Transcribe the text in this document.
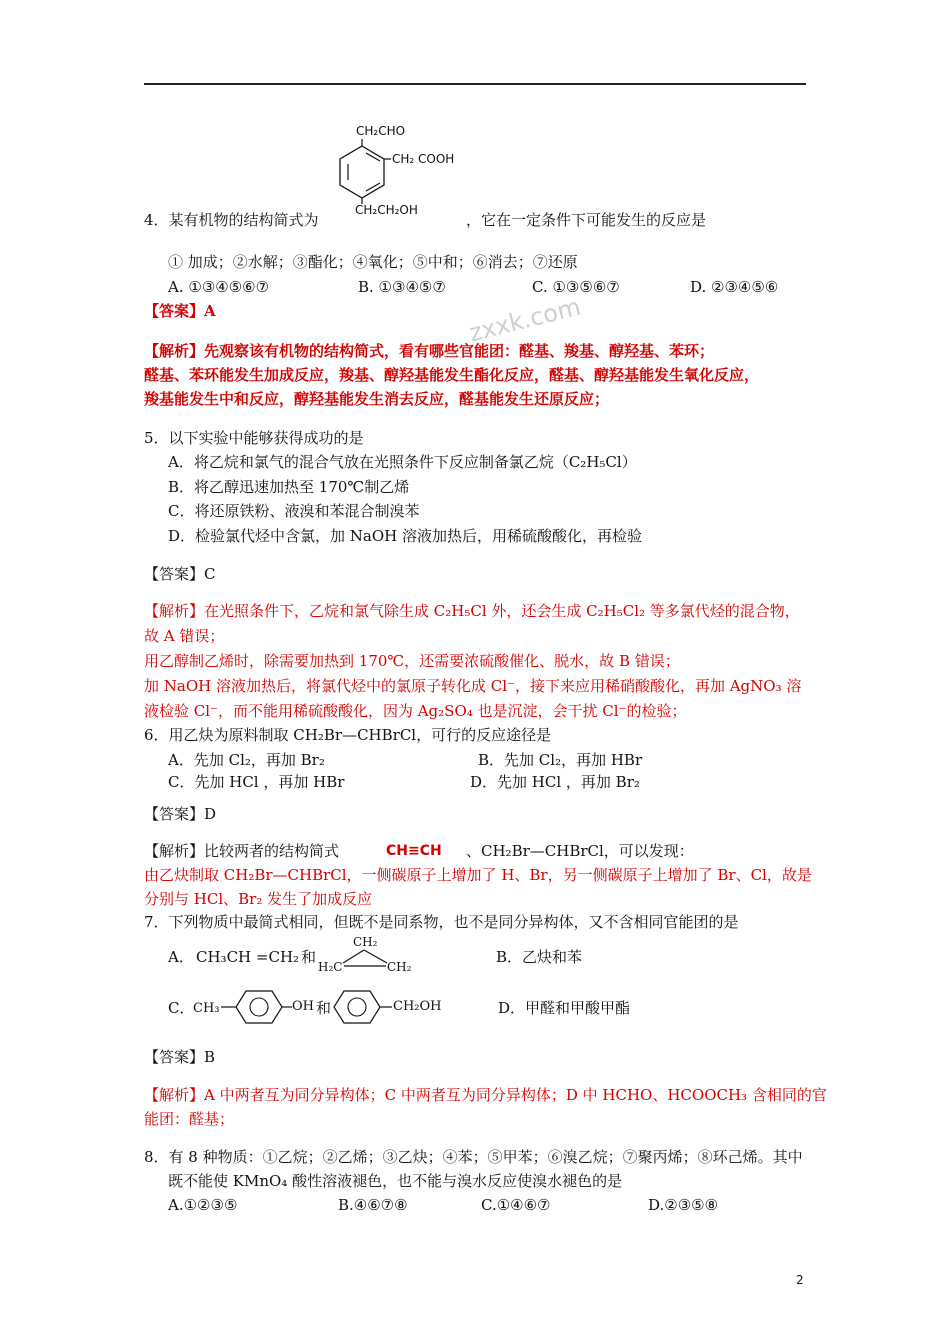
CH₂CHO
CH₂ COOH
CH₂CH₂OH
4．某有机物的结构简式为	，它在一定条件下可能发生的反应是
① 加成；②水解；③酯化；④氧化；⑤中和；⑥消去；⑦还原
A. ①③④⑤⑥⑦	B. ①③④⑤⑦	C. ①③⑤⑥⑦	D. ②③④⑤⑥
【答案】A	zxxk.com
【解析】先观察该有机物的结构简式，看有哪些官能团：醛基、羧基、醇羟基、苯环；
醛基、苯环能发生加成反应，羧基、醇羟基能发生酯化反应，醛基、醇羟基能发生氧化反应，
羧基能发生中和反应，醇羟基能发生消去反应，醛基能发生还原反应；
5．以下实验中能够获得成功的是
A．将乙烷和氯气的混合气放在光照条件下反应制备氯乙烷（C₂H₅Cl）
B．将乙醇迅速加热至 170℃制乙烯
C．将还原铁粉、液溴和苯混合制溴苯
D．检验氯代烃中含氯，加 NaOH 溶液加热后，用稀硫酸酸化，再检验
【答案】C
【解析】在光照条件下，乙烷和氯气除生成 C₂H₅Cl 外，还会生成 C₂H₅Cl₂ 等多氯代烃的混合物，
故 A 错误；
用乙醇制乙烯时，除需要加热到 170℃，还需要浓硫酸催化、脱水，故 B 错误；
加 NaOH 溶液加热后，将氯代烃中的氯原子转化成 Cl⁻，接下来应用稀硝酸酸化，再加 AgNO₃ 溶
液检验 Cl⁻，而不能用稀硫酸酸化，因为 Ag₂SO₄ 也是沉淀，会干扰 Cl⁻的检验；
6．用乙炔为原料制取 CH₂Br—CHBrCl，可行的反应途径是
A．先加 Cl₂，再加 Br₂	B．先加 Cl₂，再加 HBr
C．先加 HCl ，再加 HBr	D．先加 HCl ，再加 Br₂
【答案】D
【解析】比较两者的结构简式	CH≡CH 、CH₂Br—CHBrCl，可以发现：
由乙炔制取 CH₂Br—CHBrCl，一侧碳原子上增加了 H、Br，另一侧碳原子上增加了 Br、Cl，故是
分别与 HCl、Br₂ 发生了加成反应
7．下列物质中最简式相同，但既不是同系物，也不是同分异构体，又不含相同官能团的是
A． CH₃CH =CH₂ 和
CH₂
H₂C	CH₂
B．乙炔和苯
C．
CH₃	OH 和	CH₂OH	D．甲醛和甲酸甲酯
【答案】B
【解析】A 中两者互为同分异构体；C 中两者互为同分异构体；D 中 HCHO、HCOOCH₃ 含相同的官
能团：醛基；
8．有 8 种物质：①乙烷；②乙烯；③乙炔；④苯；⑤甲苯；⑥溴乙烷；⑦聚丙烯；⑧环己烯。其中
既不能使 KMnO₄ 酸性溶液褪色，也不能与溴水反应使溴水褪色的是
A.①②③⑤	B.④⑥⑦⑧	C.①④⑥⑦	D.②③⑤⑧
2
